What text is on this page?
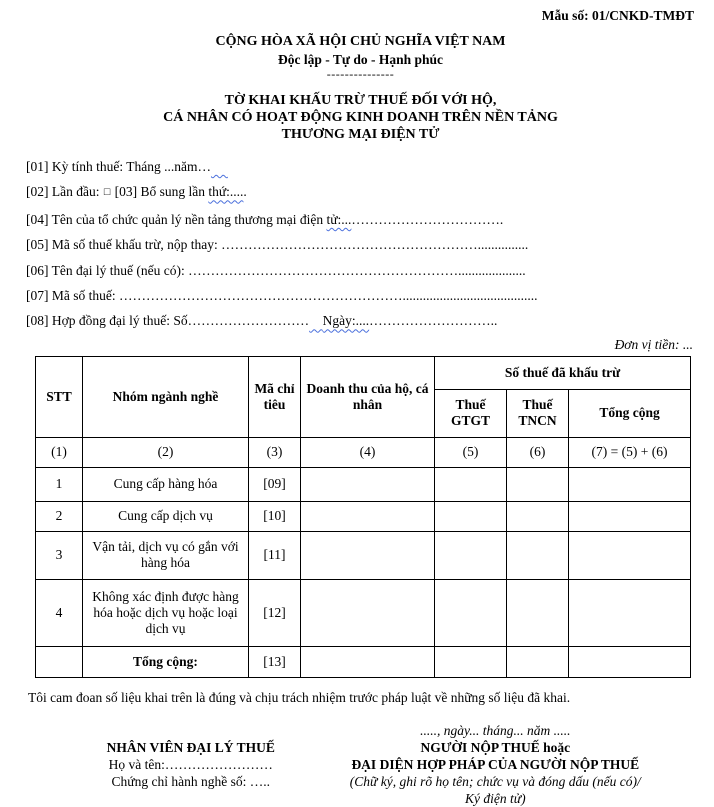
Mẫu số: 01/CNKD-TMĐT
CỘNG HÒA XÃ HỘI CHỦ NGHĨA VIỆT NAM
Độc lập - Tự do - Hạnh phúc
---------------
TỜ KHAI KHẤU TRỪ THUẾ ĐỐI VỚI HỘ,
CÁ NHÂN CÓ HOẠT ĐỘNG KINH DOANH TRÊN NỀN TẢNG
THƯƠNG MẠI ĐIỆN TỬ

[01] Kỳ tính thuế: Tháng ...năm…

[02] Lần đầu: □ [03] Bổ sung lần thứ:.....

[04] Tên của tổ chức quản lý nền tảng thương mại điện tử:...…………………………….

[05] Mã số thuế khấu trừ, nộp thay: …………………………………………………...............

[06] Tên đại lý thuế (nếu có): ……………………………………………………....................

[07] Mã số thuế: ………………………………………………………........................................

[08] Hợp đồng đại lý thuế: Số……………………… Ngày:....………………………..

Đơn vị tiền: ...
STT	Nhóm ngành nghề	Mã chỉ tiêu	Doanh thu của hộ, cá nhân	Số thuế đã khấu trừ		
				Thuế GTGT	Thuế TNCN	Tổng cộng
(1)	(2)	(3)	(4)	(5)	(6)	(7) = (5) + (6)
1	Cung cấp hàng hóa	[09]				
2	Cung cấp dịch vụ	[10]				
3	Vận tải, dịch vụ có gắn với hàng hóa	[11]				
4	Không xác định được hàng hóa hoặc dịch vụ hoặc loại dịch vụ	[12]				
	Tổng cộng:	[13]				

Tôi cam đoan số liệu khai trên là đúng và chịu trách nhiệm trước pháp luật về những số liệu đã khai.

NHÂN VIÊN ĐẠI LÝ THUẾ
Họ và tên:……………………
Chứng chỉ hành nghề số: …..
....., ngày... tháng... năm .....
NGƯỜI NỘP THUẾ hoặc
ĐẠI DIỆN HỢP PHÁP CỦA NGƯỜI NỘP THUẾ
(Chữ ký, ghi rõ họ tên; chức vụ và đóng dấu (nếu có)/
Ký điện tử)
